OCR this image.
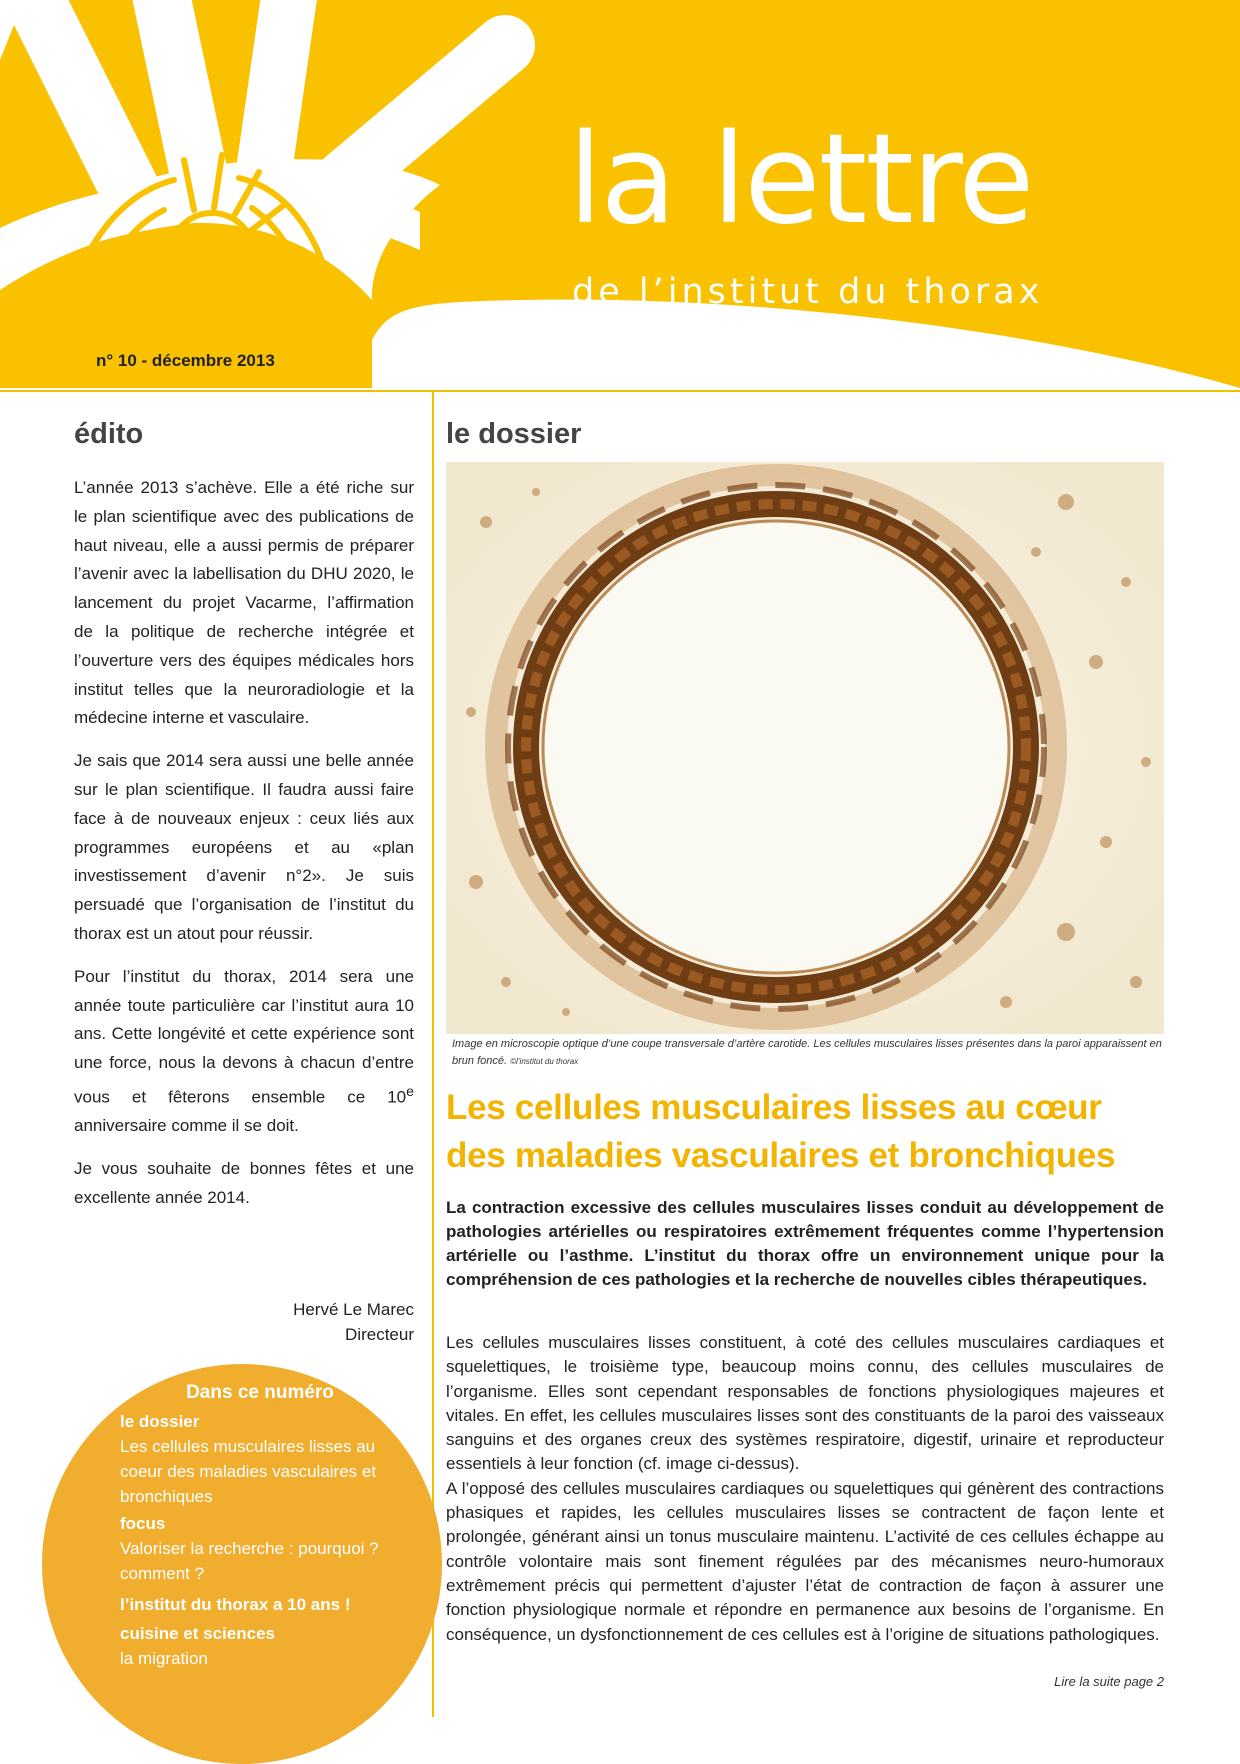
la lettre
de l’institut du thorax
n° 10 - décembre 2013
édito

L’année 2013 s’achève. Elle a été riche sur le plan scientifique avec des publications de haut niveau, elle a aussi permis de préparer l’avenir avec la labellisation du DHU 2020, le lancement du projet Vacarme, l’affirmation de la politique de recherche intégrée et l’ouverture vers des équipes médicales hors institut telles que la neuroradiologie et la médecine interne et vasculaire.

Je sais que 2014 sera aussi une belle année sur le plan scientifique. Il faudra aussi faire face à de nouveaux enjeux : ceux liés aux programmes européens et au «plan investissement d’avenir n°2». Je suis persuadé que l’organisation de l’institut du thorax est un atout pour réussir.

Pour l’institut du thorax, 2014 sera une année toute particulière car l’institut aura 10 ans. Cette longévité et cette expérience sont une force, nous la devons à chacun d’entre vous et fêterons ensemble ce 10e anniversaire comme il se doit.

Je vous souhaite de bonnes fêtes et une excellente année 2014.

Hervé Le Marec
Directeur
Dans ce numéro
le dossier
Les cellules musculaires lisses au coeur des maladies vasculaires et bronchiques
focus
Valoriser la recherche : pourquoi ? comment ?
l’institut du thorax a 10 ans !
cuisine et sciences
la migration
le dossier
Image en microscopie optique d’une coupe transversale d’artère carotide. Les cellules musculaires lisses présentes dans la paroi apparaissent en brun foncé. ©l’institut du thorax
Les cellules musculaires lisses au cœur des maladies vasculaires et bronchiques
La contraction excessive des cellules musculaires lisses conduit au développement de pathologies artérielles ou respiratoires extrêmement fréquentes comme l’hypertension artérielle ou l’asthme. L’institut du thorax offre un environnement unique pour la compréhension de ces pathologies et la recherche de nouvelles cibles thérapeutiques.

Les cellules musculaires lisses constituent, à coté des cellules musculaires cardiaques et squelettiques, le troisième type, beaucoup moins connu, des cellules musculaires de l’organisme. Elles sont cependant responsables de fonctions physiologiques majeures et vitales. En effet, les cellules musculaires lisses sont des constituants de la paroi des vaisseaux sanguins et des organes creux des systèmes respiratoire, digestif, urinaire et reproducteur essentiels à leur fonction (cf. image ci-dessus).

A l’opposé des cellules musculaires cardiaques ou squelettiques qui génèrent des contractions phasiques et rapides, les cellules musculaires lisses se contractent de façon lente et prolongée, générant ainsi un tonus musculaire maintenu. L’activité de ces cellules échappe au contrôle volontaire mais sont finement régulées par des mécanismes neuro-humoraux extrêmement précis qui permettent d’ajuster l’état de contraction de façon à assurer une fonction physiologique normale et répondre en permanence aux besoins de l’organisme. En conséquence, un dysfonctionnement de ces cellules est à l’origine de situations pathologiques.

Lire la suite page 2
